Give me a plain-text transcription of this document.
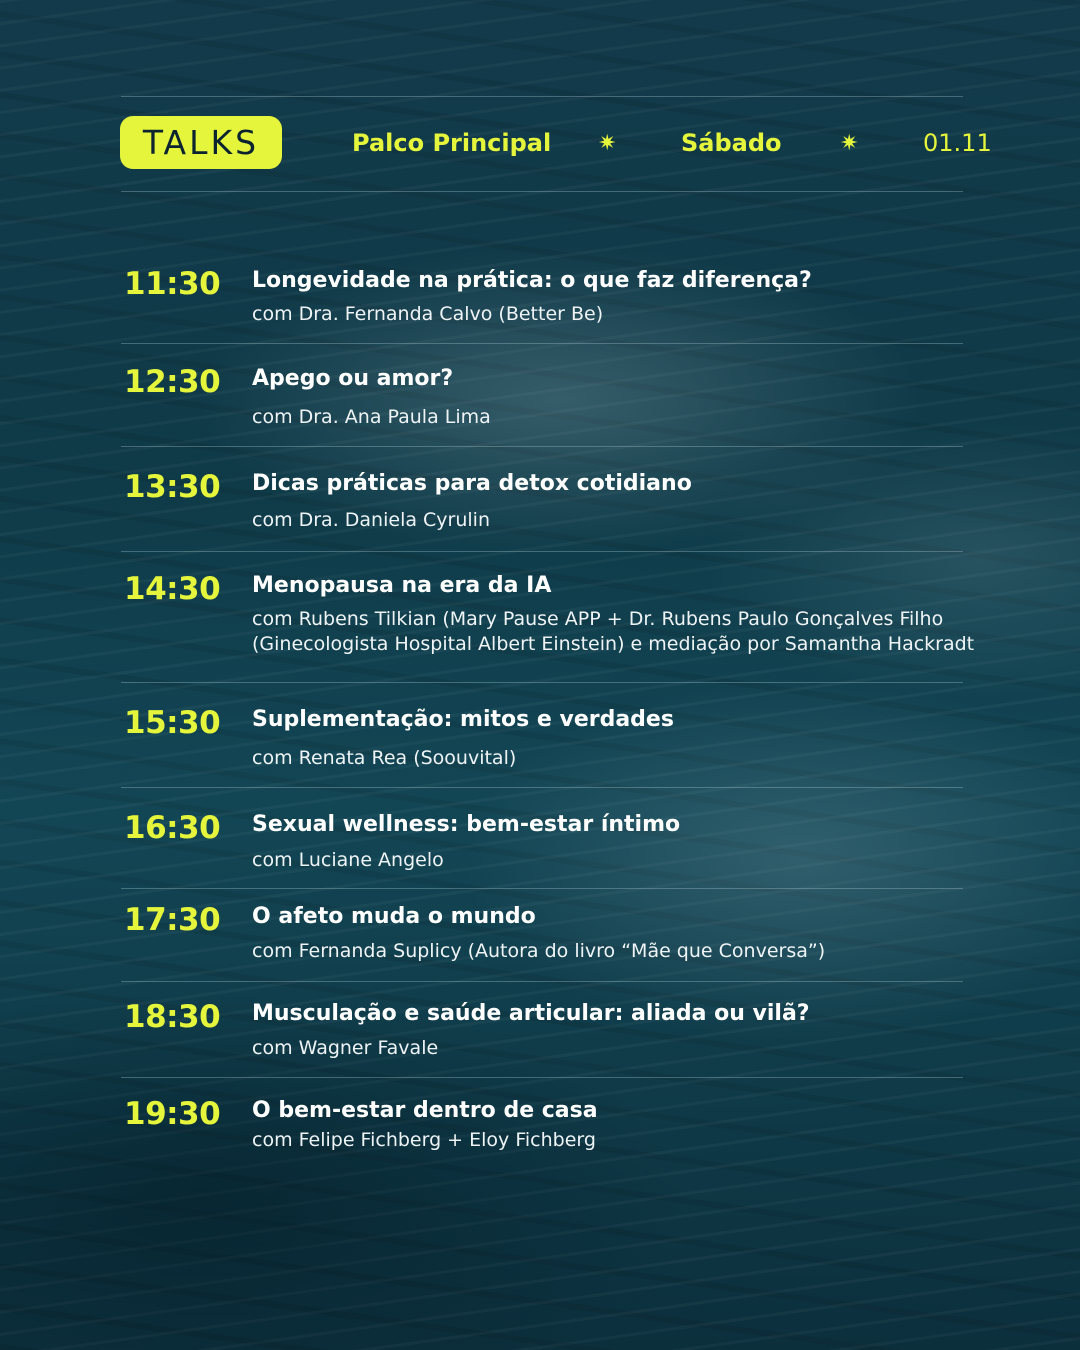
TALKS	Palco Principal ✷	Sábado	✷	01.11
11:30 Longevidade na prática: o que faz diferença?
com Dra. Fernanda Calvo (Better Be)
12:30 Apego ou amor?
com Dra. Ana Paula Lima
13:30 Dicas práticas para detox cotidiano
com Dra. Daniela Cyrulin
14:30 Menopausa na era da IA
com Rubens Tilkian (Mary Pause APP + Dr. Rubens Paulo Gonçalves Filho (Ginecologista Hospital Albert Einstein) e mediação por Samantha Hackradt
15:30 Suplementação: mitos e verdades
com Renata Rea (Soouvital)
16:30 Sexual wellness: bem-estar íntimo
com Luciane Angelo
17:30 O afeto muda o mundo
com Fernanda Suplicy (Autora do livro “Mãe que Conversa”)
18:30 Musculação e saúde articular: aliada ou vilã?
com Wagner Favale
19:30 O bem-estar dentro de casa
com Felipe Fichberg + Eloy Fichberg
